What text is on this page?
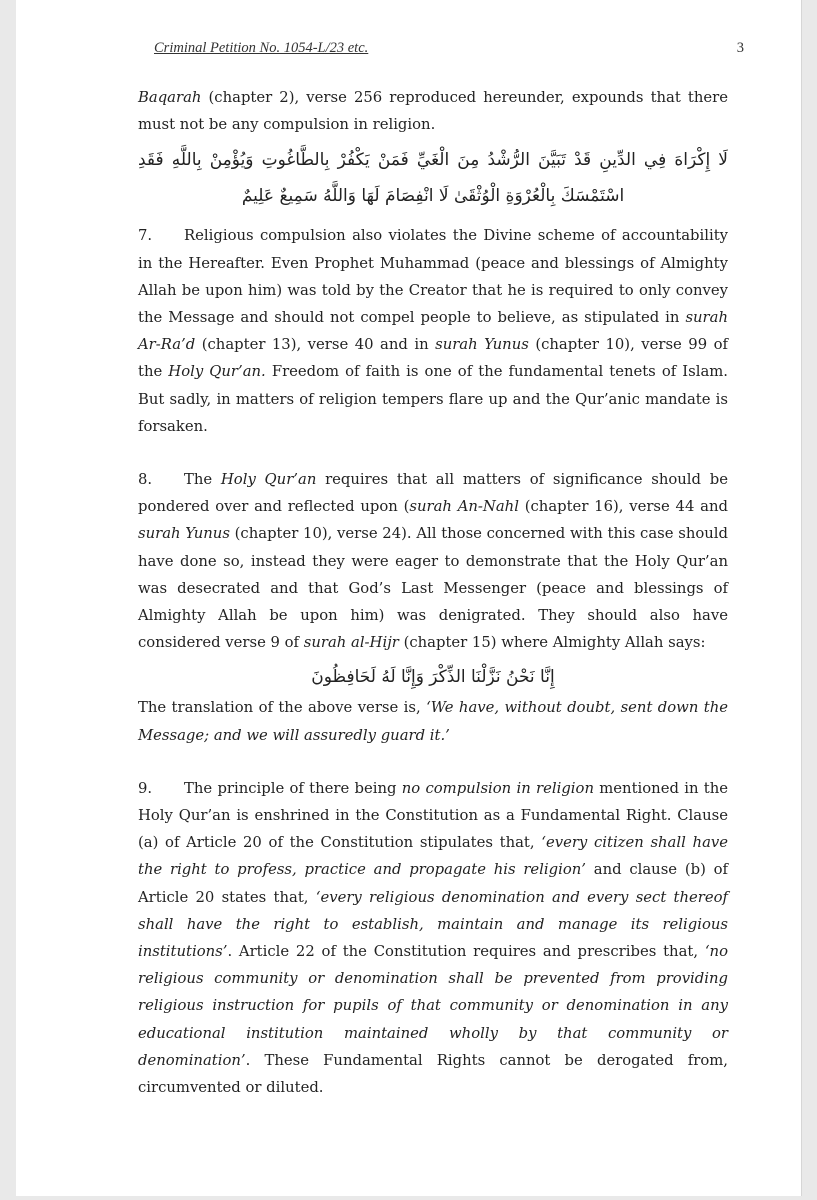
Criminal Petition No. 1054-L/23 etc.	3

Baqarah (chapter 2), verse 256 reproduced hereunder, expounds that there must not be any compulsion in religion.

لَا إِكْرَاهَ فِي الدِّينِ قَدْ تَبَيَّنَ الرُّشْدُ مِنَ الْغَيِّ فَمَنْ يَكْفُرْ بِالطَّاغُوتِ وَيُؤْمِنْ بِاللَّهِ فَقَدِ اسْتَمْسَكَ بِالْعُرْوَةِ الْوُثْقَىٰ لَا انْفِصَامَ لَهَا وَاللَّهُ سَمِيعٌ عَلِيمٌ

7. Religious compulsion also violates the Divine scheme of accountability in the Hereafter. Even Prophet Muhammad (peace and blessings of Almighty Allah be upon him) was told by the Creator that he is required to only convey the Message and should not compel people to believe, as stipulated in surah Ar-Ra’d (chapter 13), verse 40 and in surah Yunus (chapter 10), verse 99 of the Holy Qur’an. Freedom of faith is one of the fundamental tenets of Islam. But sadly, in matters of religion tempers flare up and the Qur’anic mandate is forsaken.

8. The Holy Qur’an requires that all matters of significance should be pondered over and reflected upon (surah An-Nahl (chapter 16), verse 44 and surah Yunus (chapter 10), verse 24). All those concerned with this case should have done so, instead they were eager to demonstrate that the Holy Qur’an was desecrated and that God’s Last Messenger (peace and blessings of Almighty Allah be upon him) was denigrated. They should also have considered verse 9 of surah al-Hijr (chapter 15) where Almighty Allah says:

إِنَّا نَحْنُ نَزَّلْنَا الذِّكْرَ وَإِنَّا لَهُ لَحَافِظُونَ

The translation of the above verse is, ‘We have, without doubt, sent down the Message; and we will assuredly guard it.’

9. The principle of there being no compulsion in religion mentioned in the Holy Qur’an is enshrined in the Constitution as a Fundamental Right. Clause (a) of Article 20 of the Constitution stipulates that, ‘every citizen shall have the right to profess, practice and propagate his religion’ and clause (b) of Article 20 states that, ‘every religious denomination and every sect thereof shall have the right to establish, maintain and manage its religious institutions’. Article 22 of the Constitution requires and prescribes that, ‘no religious community or denomination shall be prevented from providing religious instruction for pupils of that community or denomination in any educational institution maintained wholly by that community or denomination’. These Fundamental Rights cannot be derogated from, circumvented or diluted.
